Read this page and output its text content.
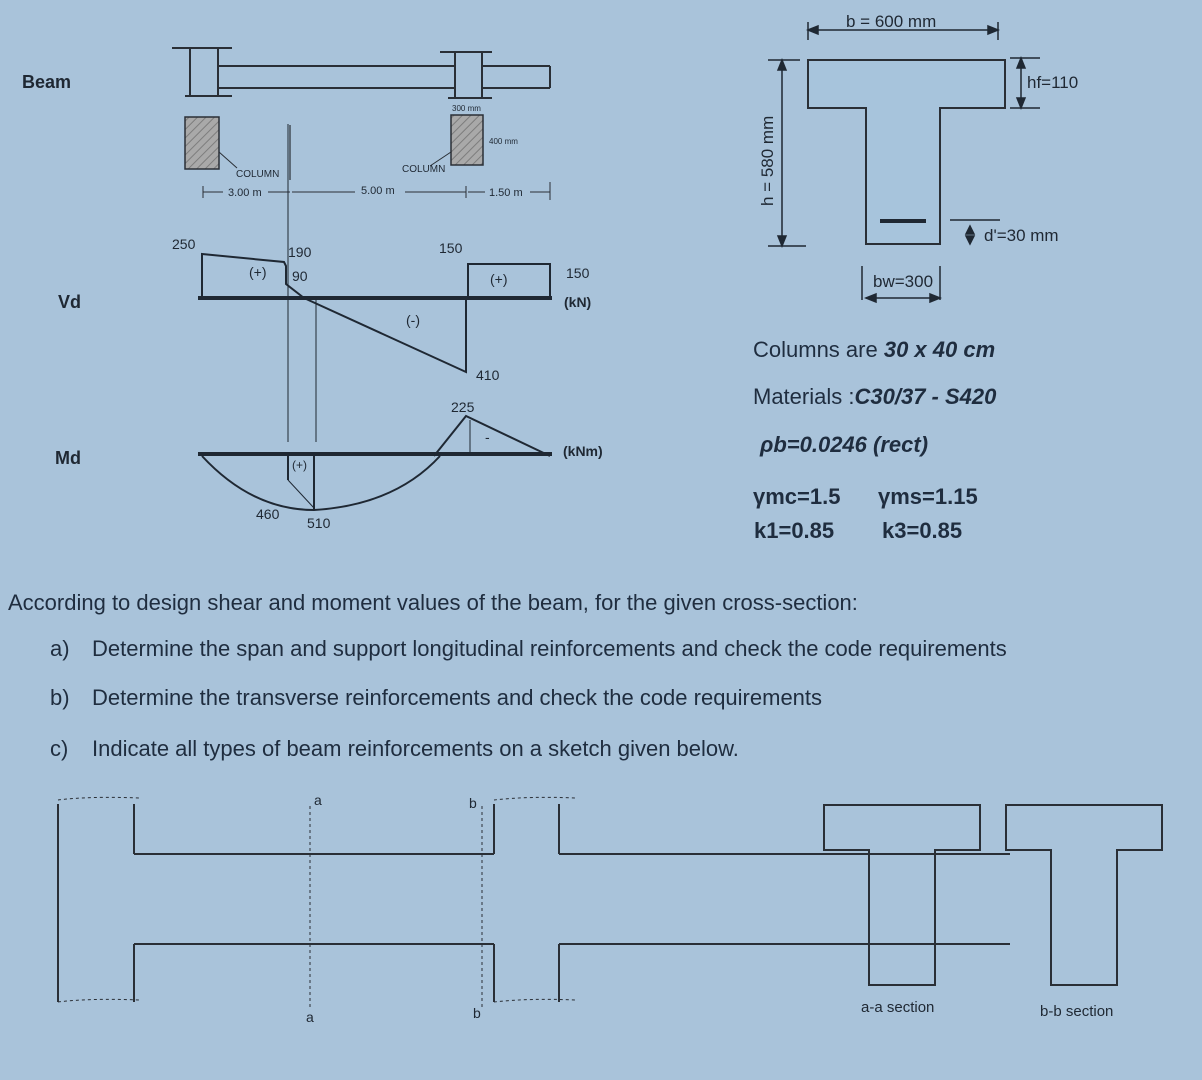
Beam
Vd
Md
COLUMN	COLUMN
300 mm
400 mm
3.00 m	5.00 m	1.50 m
250	190
90
(+)
150
(+)
(-)
150
(kN)
410
225
-
(kNm)
(+)
460
510
b = 600 mm
hf=110
d'=30 mm
bw=300
h = 580 mm
a
a
b
b	a-a section	b-b section
Columns are 30 x 40 cm
Materials :C30/37 - S420
ρb=0.0246 (rect)
γmc=1.5 γms=1.15
k1=0.85 k3=0.85
According to design shear and moment values of the beam, for the given cross-section:
a) Determine the span and support longitudinal reinforcements and check the code requirements
b) Determine the transverse reinforcements and check the code requirements
c) Indicate all types of beam reinforcements on a sketch given below.
